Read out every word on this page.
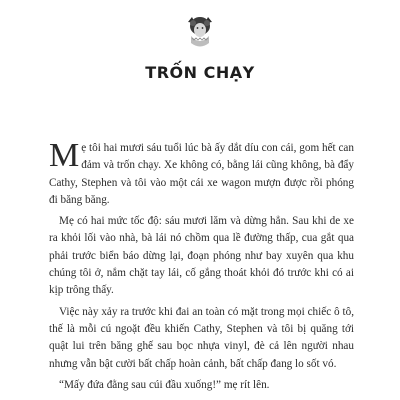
TRỐN CHẠY

Mẹ tôi hai mươi sáu tuổi lúc bà ấy dắt díu con cái, gom hết can đảm và trốn chạy. Xe không có, bằng lái cũng không, bà đẩy Cathy, Stephen và tôi vào một cái xe wagon mượn được rồi phóng đi băng băng.

Mẹ có hai mức tốc độ: sáu mươi lăm và dừng hẳn. Sau khi de xe ra khỏi lối vào nhà, bà lái nó chồm qua lề đường thấp, cua gắt qua phải trước biển báo dừng lại, đoạn phóng như bay xuyên qua khu chúng tôi ở, nắm chặt tay lái, cố gắng thoát khỏi đó trước khi có ai kịp trông thấy.

Việc này xảy ra trước khi đai an toàn có mặt trong mọi chiếc ô tô, thế là mỗi cú ngoặt đều khiến Cathy, Stephen và tôi bị quăng tới quật lui trên băng ghế sau bọc nhựa vinyl, đè cả lên người nhau nhưng vẫn bật cười bất chấp hoàn cảnh, bất chấp đang lo sốt vó.

“Mấy đứa đằng sau cúi đầu xuống!” mẹ rít lên.
